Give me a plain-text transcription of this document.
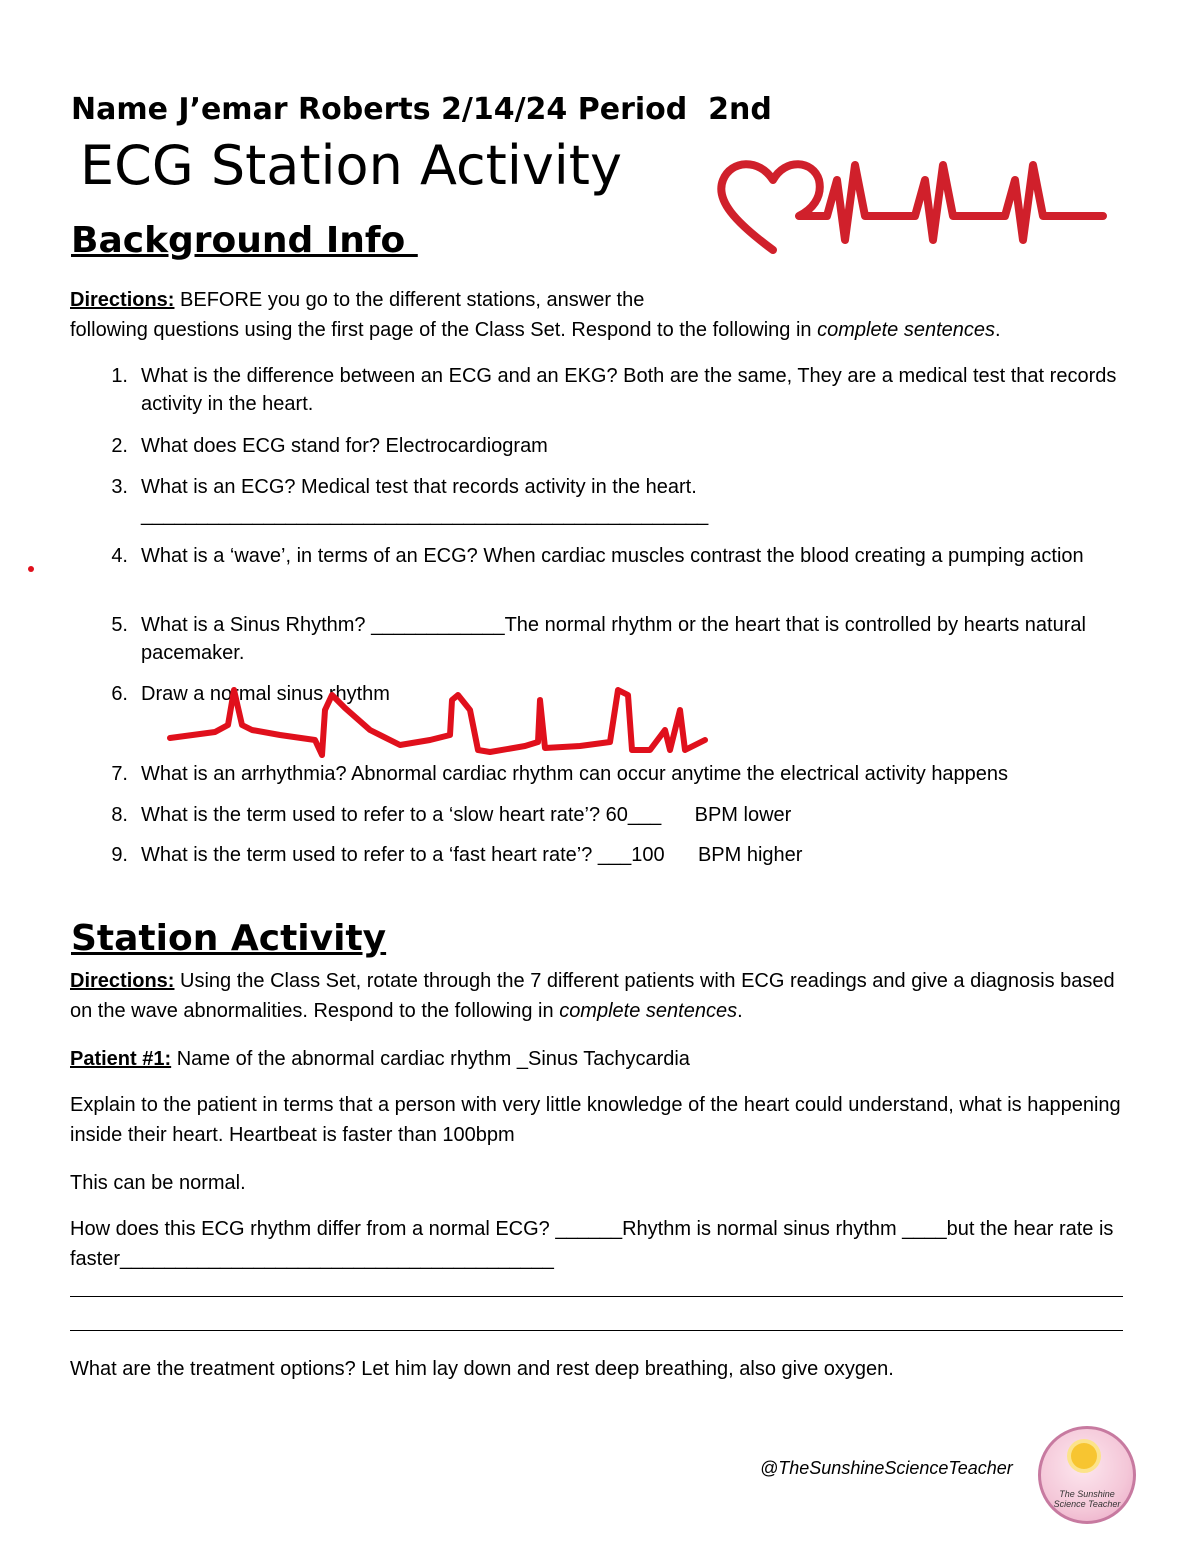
Name J’emar Roberts 2/14/24 Period  2nd
ECG Station Activity
Background Info
Directions: BEFORE you go to the different stations, answer the
following questions using the first page of the Class Set. Respond to the following in complete sentences.
1. What is the difference between an ECG and an EKG? Both are the same, They are a medical test that records activity in the heart.
2. What does ECG stand for? Electrocardiogram
3. What is an ECG? Medical test that records activity in the heart.
___________________________________________________
4. What is a ‘wave’, in terms of an ECG? When cardiac muscles contrast the blood creating a pumping action
5. What is a Sinus Rhythm? ____________The normal rhythm or the heart that is controlled by hearts natural pacemaker.
6. Draw a normal sinus rhythm
7. What is an arrhythmia? Abnormal cardiac rhythm can occur anytime the electrical activity happens
8. What is the term used to refer to a ‘slow heart rate’? 60___      BPM lower
9. What is the term used to refer to a ‘fast heart rate’? ___100      BPM higher
Station Activity
Directions: Using the Class Set, rotate through the 7 different patients with ECG readings and give a diagnosis based on the wave abnormalities. Respond to the following in complete sentences.
Patient #1: Name of the abnormal cardiac rhythm _Sinus Tachycardia
Explain to the patient in terms that a person with very little knowledge of the heart could understand, what is happening inside their heart. Heartbeat is faster than 100bpm
This can be normal.
How does this ECG rhythm differ from a normal ECG? ______Rhythm is normal sinus rhythm ____but the hear rate is faster_______________________________________
What are the treatment options? Let him lay down and rest deep breathing, also give oxygen.
@TheSunshineScienceTeacher
The Sunshine Science Teacher
